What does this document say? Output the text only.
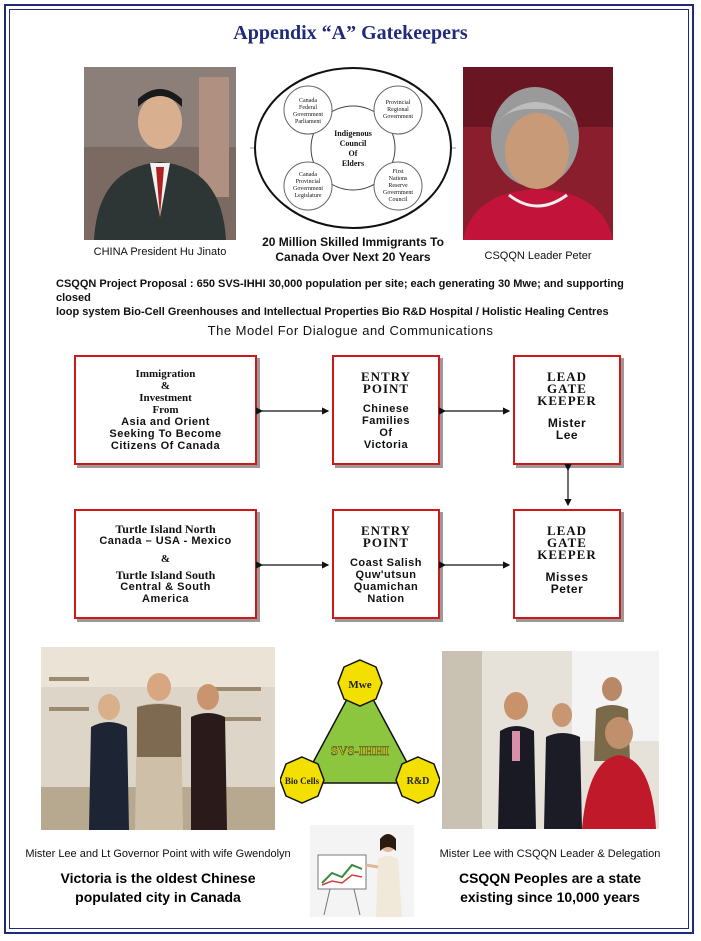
Appendix “A” Gatekeepers
CHINA President Hu Jinato
Canada
Federal
Government
Parliament
Provincial
Regional
Government
Canada
Provincial
Government
Legislature
First
Nations
Reserve
Government
Council
Indigenous
Council
Of
Elders
20 Million Skilled Immigrants To
Canada Over Next 20 Years	CSQQN Leader Peter
CSQQN Project Proposal : 650 SVS-IHHI 30,000 population per site; each generating 30 Mwe; and supporting closed
loop system Bio-Cell Greenhouses and Intellectual Properties Bio R&D Hospital / Holistic Healing Centres
The Model For Dialogue and Communications
Immigration
&
Investment
From
Asia and Orient
Seeking To Become
Citizens Of Canada
ENTRY
POINT
Chinese
Families
Of
Victoria
LEAD
GATE
KEEPER
Mister
Lee
Turtle Island North
Canada – USA - Mexico
&
Turtle Island South
Central & South
America
ENTRY
POINT
Coast Salish
Quw'utsun
Quamichan
Nation
LEAD
GATE
KEEPER
Misses
Peter
Mister Lee and Lt Governor Point with wife Gwendolyn
Victoria is the oldest Chinese
populated city in Canada
Mwe
SVS-IHHI
Bio Cells	R&D
Mister Lee with CSQQN Leader & Delegation
CSQQN Peoples are a state
existing since 10,000 years
